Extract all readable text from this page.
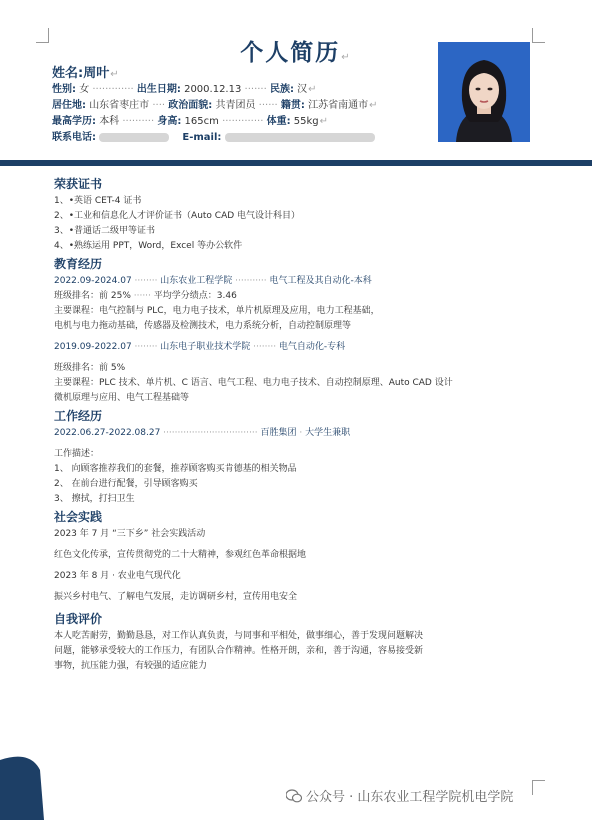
个人简历↵
姓名:周叶↵
性别: 女 ············· 出生日期: 2000.12.13 ······· 民族: 汉↵
居住地: 山东省枣庄市 ···· 政治面貌: 共青团员 ······ 籍贯: 江苏省南通市↵
最高学历: 本科 ·········· 身高: 165cm ············· 体重: 55kg↵
联系电话:	E-mail:
荣获证书
1、•英语 CET-4 证书
2、•工业和信息化人才评价证书（Auto CAD 电气设计科目）
3、•普通话二级甲等证书
4、•熟练运用 PPT，Word，Excel 等办公软件
教育经历
2022.09-2024.07 ········ 山东农业工程学院 ··········· 电气工程及其自动化-本科
班级排名：前 25% ······ 平均学分绩点：3.46
主要课程：电气控制与 PLC，电力电子技术，单片机原理及应用，电力工程基础，
电机与电力拖动基础，传感器及检测技术，电力系统分析，自动控制原理等
2019.09-2022.07 ········ 山东电子职业技术学院 ········ 电气自动化-专科
班级排名：前 5%
主要课程：PLC 技术、单片机、C 语言、电气工程、电力电子技术、自动控制原理、Auto CAD 设计
微机原理与应用、电气工程基础等
工作经历
2022.06.27-2022.08.27 ································· 百胜集团 · 大学生兼职
工作描述：
1、 向顾客推荐我们的套餐，推荐顾客购买肯德基的相关物品
2、 在前台进行配餐，引导顾客购买
3、 擦拭，打扫卫生
社会实践
2023 年 7 月 “三下乡” 社会实践活动
红色文化传承，宣传贯彻党的二十大精神，参观红色革命根据地
2023 年 8 月 · 农业电气现代化
振兴乡村电气、了解电气发展，走访调研乡村，宣传用电安全
自我评价
本人吃苦耐劳，勤勤恳恳，对工作认真负责，与同事和平相处，做事细心，善于发现问题解决
问题，能够承受较大的工作压力，有团队合作精神。性格开朗，亲和，善于沟通，容易接受新
事物，抗压能力强，有较强的适应能力
公众号 · 山东农业工程学院机电学院
